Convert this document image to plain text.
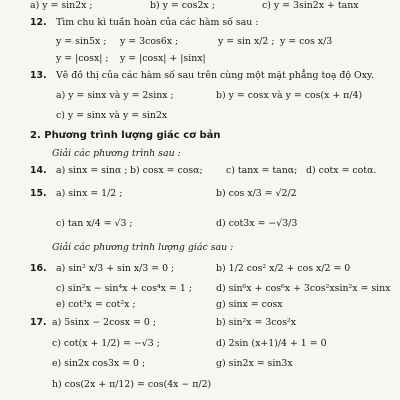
a) y = sin2x ;	b) y = cos2x ;	c) y = 3sin2x + tanx
12. Tìm chu kì tuần hoàn của các hàm số sau :
y = sin5x ; y = 3cos6x ;	y = sin x/2 ; y = cos x/3
y = |cosx| ; y = |cosx| + |sinx|
13. Vẽ đồ thị của các hàm số sau trên cùng một mặt phẳng toạ độ Oxy.
a) y = sinx và y = 2sinx ;	b) y = cosx và y = cos(x + π/4)
c) y = sinx và y = sin2x
2. Phương trình lượng giác cơ bản
Giải các phương trình sau :
14. a) sinx = sinα ; b) cosx = cosα; c) tanx = tanα; d) cotx = cotα.
15. a) sinx = 1/2 ;	b) cos x/3 = √2/2
c) tan x/4 = √3 ;	d) cot3x = −√3/3
Giải các phương trình lượng giác sau :
16. a) sin² x/3 + sin x/3 = 0 ;	b) 1/2 cos² x/2 + cos x/2 = 0
c) sin²x − sin⁴x + cos⁴x = 1 ;	d) sin⁶x + cos⁶x + 3cos²xsin²x = sinx
e) cot³x = cot²x ;	g) sinx = cosx
17. a) 5sinx − 2cosx = 0 ;	b) sin²x = 3cos²x
c) cot(x + 1/2) = −√3 ;	d) 2sin (x+1)/4 + 1 = 0
e) sin2x cos3x = 0 ;	g) sin2x = sin3x
h) cos(2x + π/12) = cos(4x − π/2)
